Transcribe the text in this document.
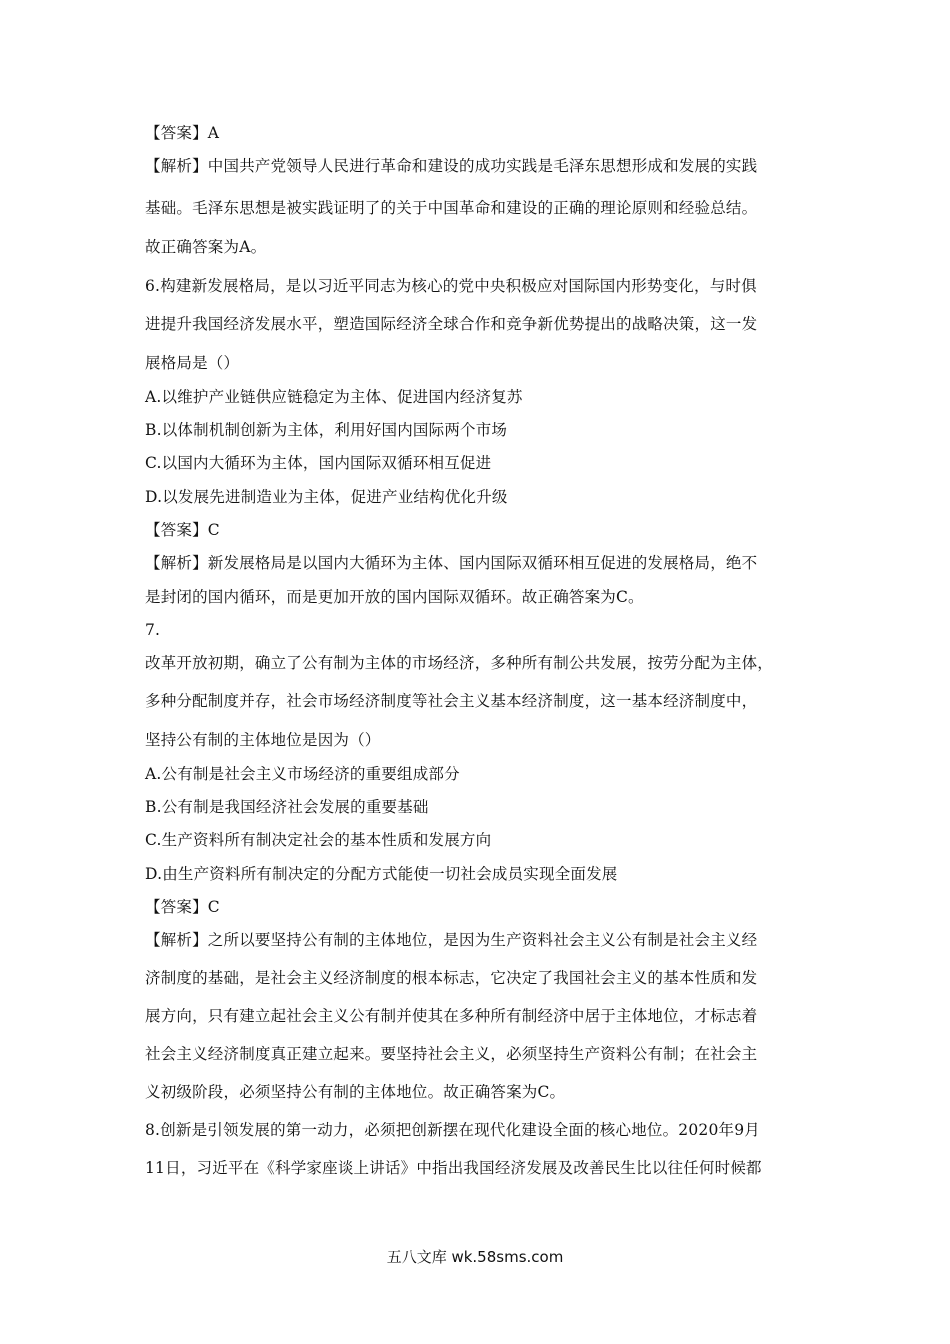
【答案】A
【解析】中国共产党领导人民进行革命和建设的成功实践是毛泽东思想形成和发展的实践
基础。毛泽东思想是被实践证明了的关于中国革命和建设的正确的理论原则和经验总结。
故正确答案为A。
6.构建新发展格局，是以习近平同志为核心的党中央积极应对国际国内形势变化，与时俱
进提升我国经济发展水平，塑造国际经济全球合作和竞争新优势提出的战略决策，这一发
展格局是（）
A.以维护产业链供应链稳定为主体、促进国内经济复苏
B.以体制机制创新为主体，利用好国内国际两个市场
C.以国内大循环为主体，国内国际双循环相互促进
D.以发展先进制造业为主体，促进产业结构优化升级
【答案】C
【解析】新发展格局是以国内大循环为主体、国内国际双循环相互促进的发展格局，绝不
是封闭的国内循环，而是更加开放的国内国际双循环。故正确答案为C。
7.
改革开放初期，确立了公有制为主体的市场经济，多种所有制公共发展，按劳分配为主体，
多种分配制度并存，社会市场经济制度等社会主义基本经济制度，这一基本经济制度中，
坚持公有制的主体地位是因为（）
A.公有制是社会主义市场经济的重要组成部分
B.公有制是我国经济社会发展的重要基础
C.生产资料所有制决定社会的基本性质和发展方向
D.由生产资料所有制决定的分配方式能使一切社会成员实现全面发展
【答案】C
【解析】之所以要坚持公有制的主体地位，是因为生产资料社会主义公有制是社会主义经
济制度的基础，是社会主义经济制度的根本标志，它决定了我国社会主义的基本性质和发
展方向，只有建立起社会主义公有制并使其在多种所有制经济中居于主体地位，才标志着
社会主义经济制度真正建立起来。要坚持社会主义，必须坚持生产资料公有制；在社会主
义初级阶段，必须坚持公有制的主体地位。故正确答案为C。
8.创新是引领发展的第一动力，必须把创新摆在现代化建设全面的核心地位。2020年9月
11日，习近平在《科学家座谈上讲话》中指出我国经济发展及改善民生比以往任何时候都
五八文库 wk.58sms.com
